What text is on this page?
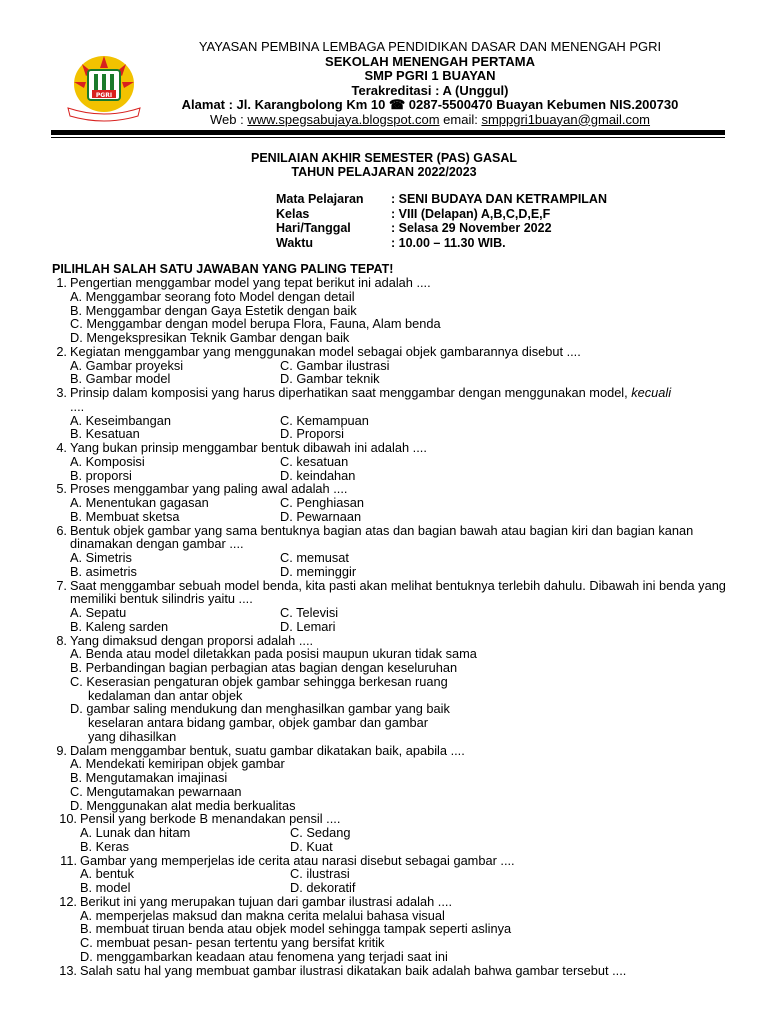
PGRI
YAYASAN PEMBINA LEMBAGA PENDIDIKAN DASAR DAN MENENGAH PGRI
SEKOLAH MENENGAH PERTAMA
SMP PGRI 1 BUAYAN
Terakreditasi : A (Unggul)
Alamat : Jl. Karangbolong Km 10 ☎ 0287-5500470 Buayan Kebumen NIS.200730
Web : www.spegsabujaya.blogspot.com email: smppgri1buayan@gmail.com
PENILAIAN AKHIR SEMESTER (PAS) GASAL
TAHUN PELAJARAN 2022/2023
Mata Pelajaran	: SENI BUDAYA DAN KETRAMPILAN
Kelas	: VIII (Delapan) A,B,C,D,E,F
Hari/Tanggal	: Selasa 29 November 2022
Waktu	: 10.00 – 11.30 WIB.
PILIHLAH SALAH SATU JAWABAN YANG PALING TEPAT!
1. Pengertian menggambar model yang tepat berikut ini adalah ....
A. Menggambar seorang foto Model dengan detail
B. Menggambar dengan Gaya Estetik dengan baik
C. Menggambar dengan model berupa Flora, Fauna, Alam benda
D. Mengekspresikan Teknik Gambar dengan baik
2. Kegiatan menggambar yang menggunakan model sebagai objek gambarannya disebut ....
A. Gambar proyeksi	C. Gambar ilustrasi
B. Gambar model	D. Gambar teknik
3. Prinsip dalam komposisi yang harus diperhatikan saat menggambar dengan menggunakan model, kecuali
....
A. Keseimbangan	C. Kemampuan
B. Kesatuan	D. Proporsi
4. Yang bukan prinsip menggambar bentuk dibawah ini adalah ....
A. Komposisi	C. kesatuan
B. proporsi	D. keindahan
5. Proses menggambar yang paling awal adalah ....
A. Menentukan gagasan	C. Penghiasan
B. Membuat sketsa	D. Pewarnaan
6. Bentuk objek gambar yang sama bentuknya bagian atas dan bagian bawah atau bagian kiri dan bagian kanan dinamakan dengan gambar ....
A. Simetris	C. memusat
B. asimetris	D. meminggir
7. Saat menggambar sebuah model benda, kita pasti akan melihat bentuknya terlebih dahulu. Dibawah ini benda yang memiliki bentuk silindris yaitu ....
A. Sepatu	C. Televisi
B. Kaleng sarden	D. Lemari
8. Yang dimaksud dengan proporsi adalah ....
A. Benda atau model diletakkan pada posisi maupun ukuran tidak sama
B. Perbandingan bagian perbagian atas bagian dengan keseluruhan
C. Keserasian pengaturan objek gambar sehingga berkesan ruang
kedalaman dan antar objek
D. gambar saling mendukung dan menghasilkan gambar yang baik
keselaran antara bidang gambar, objek gambar dan gambar
yang dihasilkan
9. Dalam menggambar bentuk, suatu gambar dikatakan baik, apabila ....
A. Mendekati kemiripan objek gambar
B. Mengutamakan imajinasi
C. Mengutamakan pewarnaan
D. Menggunakan alat media berkualitas
10. Pensil yang berkode B menandakan pensil ....
A. Lunak dan hitam	C. Sedang
B. Keras	D. Kuat
11. Gambar yang memperjelas ide cerita atau narasi disebut sebagai gambar ....
A. bentuk	C. ilustrasi
B. model	D. dekoratif
12. Berikut ini yang merupakan tujuan dari gambar ilustrasi adalah ....
A. memperjelas maksud dan makna cerita melalui bahasa visual
B. membuat tiruan benda atau objek model sehingga tampak seperti aslinya
C. membuat pesan- pesan tertentu yang bersifat kritik
D. menggambarkan keadaan atau fenomena yang terjadi saat ini
13. Salah satu hal yang membuat gambar ilustrasi dikatakan baik adalah bahwa gambar tersebut ....
